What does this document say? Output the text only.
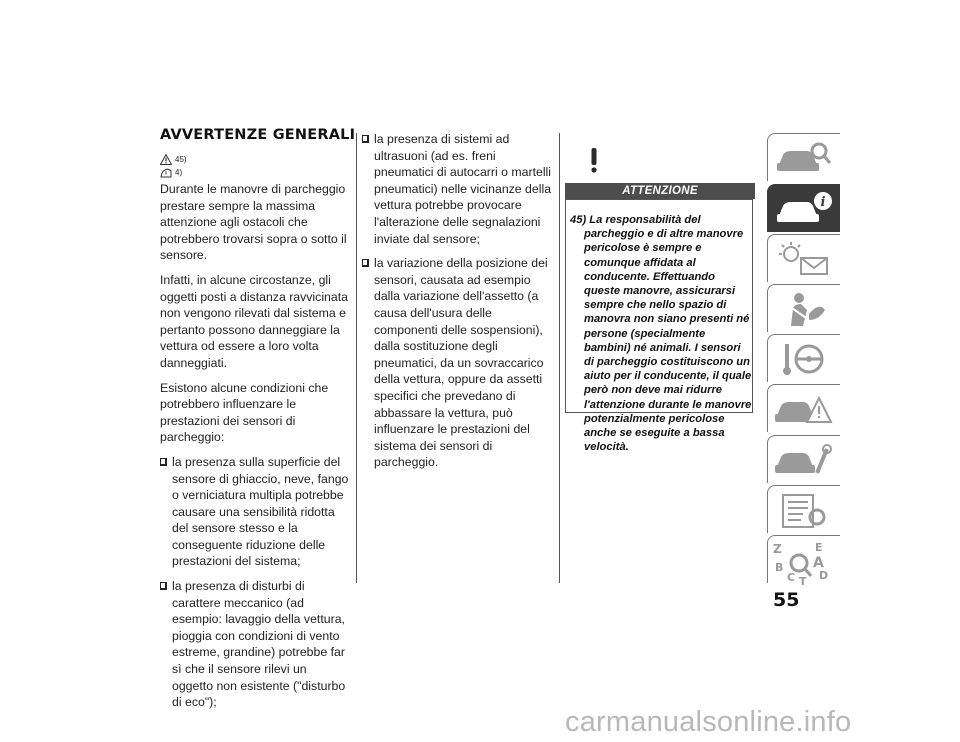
AVVERTENZE GENERALI
45)
4)

Durante le manovre di parcheggio prestare sempre la massima attenzione agli ostacoli che potrebbero trovarsi sopra o sotto il sensore.

Infatti, in alcune circostanze, gli oggetti posti a distanza ravvicinata non vengono rilevati dal sistema e pertanto possono danneggiare la vettura od essere a loro volta danneggiati.

Esistono alcune condizioni che potrebbero influenzare le prestazioni dei sensori di parcheggio:

la presenza sulla superficie del sensore di ghiaccio, neve, fango o verniciatura multipla potrebbe causare una sensibilità ridotta del sensore stesso e la conseguente riduzione delle prestazioni del sistema;
la presenza di disturbi di carattere meccanico (ad esempio: lavaggio della vettura, pioggia con condizioni di vento estreme, grandine) potrebbe far sì che il sensore rilevi un oggetto non esistente ("disturbo di eco");
la presenza di sistemi ad ultrasuoni (ad es. freni pneumatici di autocarri o martelli pneumatici) nelle vicinanze della vettura potrebbe provocare l'alterazione delle segnalazioni inviate dal sensore;
la variazione della posizione dei sensori, causata ad esempio dalla variazione dell'assetto (a causa dell'usura delle componenti delle sospensioni), dalla sostituzione degli pneumatici, da un sovraccarico della vettura, oppure da assetti specifici che prevedano di abbassare la vettura, può influenzare le prestazioni del sistema dei sensori di parcheggio.
ATTENZIONE
45) La responsabilità del parcheggio e di altre manovre pericolose è sempre e comunque affidata al conducente. Effettuando queste manovre, assicurarsi sempre che nello spazio di manovra non siano presenti né persone (specialmente bambini) né animali. I sensori di parcheggio costituiscono un aiuto per il conducente, il quale però non deve mai ridurre l'attenzione durante le manovre potenzialmente pericolose anche se eseguite a bassa velocità.
i
Z	E
B A
C T D
55
carmanualsonline.info
